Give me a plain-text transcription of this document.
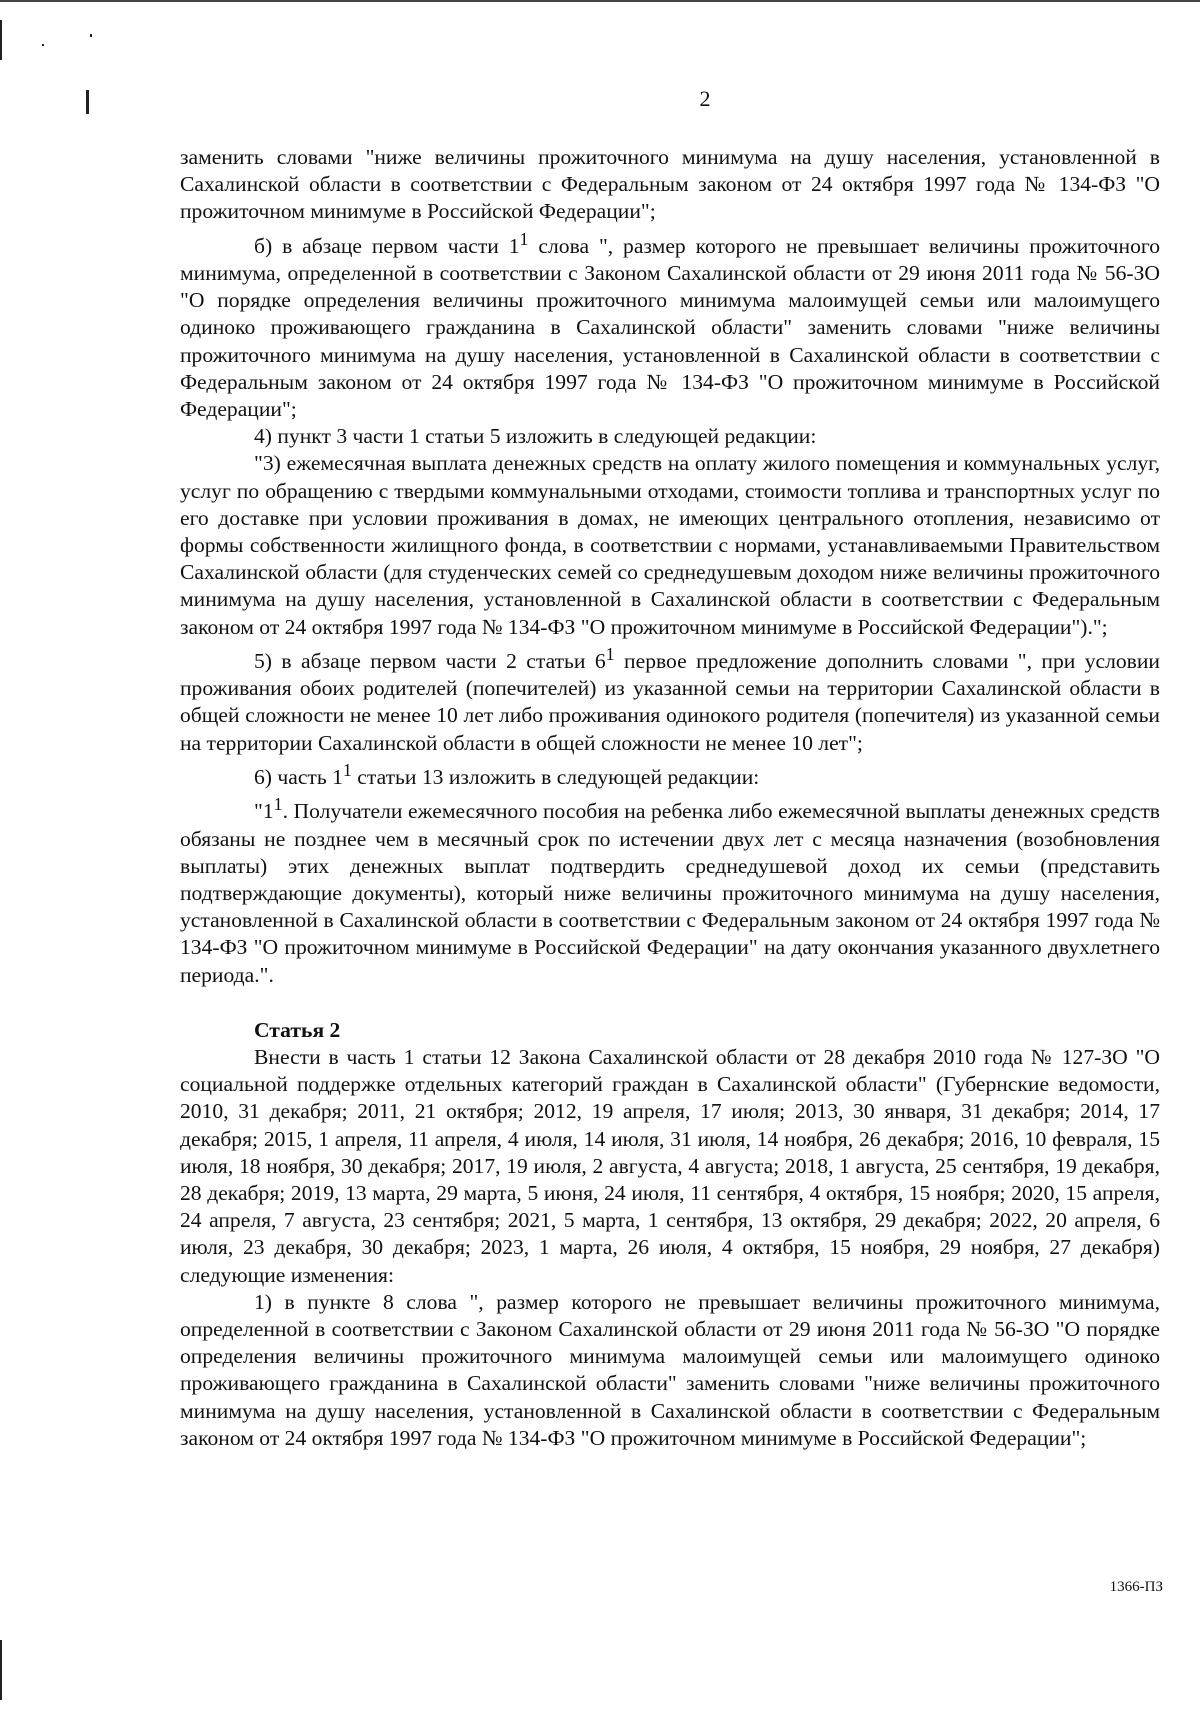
2

заменить словами "ниже величины прожиточного минимума на душу населения, установленной в Сахалинской области в соответствии с Федеральным законом от 24 октября 1997 года № 134-ФЗ "О прожиточном минимуме в Российской Федерации";

б) в абзаце первом части $1^1$ слова ", размер которого не превышает величины прожиточного минимума, определенной в соответствии с Законом Сахалинской области от 29 июня 2011 года № 56-ЗО "О порядке определения величины прожиточного минимума малоимущей семьи или малоимущего одиноко проживающего гражданина в Сахалинской области" заменить словами "ниже величины прожиточного минимума на душу населения, установленной в Сахалинской области в соответствии с Федеральным законом от 24 октября 1997 года № 134-ФЗ "О прожиточном минимуме в Российской Федерации";

4) пункт 3 части 1 статьи 5 изложить в следующей редакции:

"3) ежемесячная выплата денежных средств на оплату жилого помещения и коммунальных услуг, услуг по обращению с твердыми коммунальными отходами, стоимости топлива и транспортных услуг по его доставке при условии проживания в домах, не имеющих центрального отопления, независимо от формы собственности жилищного фонда, в соответствии с нормами, устанавливаемыми Правительством Сахалинской области (для студенческих семей со среднедушевым доходом ниже величины прожиточного минимума на душу населения, установленной в Сахалинской области в соответствии с Федеральным законом от 24 октября 1997 года № 134-ФЗ "О прожиточном минимуме в Российской Федерации").";

5) в абзаце первом части 2 статьи $6^1$ первое предложение дополнить словами ", при условии проживания обоих родителей (попечителей) из указанной семьи на территории Сахалинской области в общей сложности не менее 10 лет либо проживания одинокого родителя (попечителя) из указанной семьи на территории Сахалинской области в общей сложности не менее 10 лет";

6) часть $1^1$ статьи 13 изложить в следующей редакции:

"$1^1$. Получатели ежемесячного пособия на ребенка либо ежемесячной выплаты денежных средств обязаны не позднее чем в месячный срок по истечении двух лет с месяца назначения (возобновления выплаты) этих денежных выплат подтвердить среднедушевой доход их семьи (представить подтверждающие документы), который ниже величины прожиточного минимума на душу населения, установленной в Сахалинской области в соответствии с Федеральным законом от 24 октября 1997 года № 134-ФЗ "О прожиточном минимуме в Российской Федерации" на дату окончания указанного двухлетнего периода.".

Статья 2

Внести в часть 1 статьи 12 Закона Сахалинской области от 28 декабря 2010 года № 127-ЗО "О социальной поддержке отдельных категорий граждан в Сахалинской области" (Губернские ведомости, 2010, 31 декабря; 2011, 21 октября; 2012, 19 апреля, 17 июля; 2013, 30 января, 31 декабря; 2014, 17 декабря; 2015, 1 апреля, 11 апреля, 4 июля, 14 июля, 31 июля, 14 ноября, 26 декабря; 2016, 10 февраля, 15 июля, 18 ноября, 30 декабря; 2017, 19 июля, 2 августа, 4 августа; 2018, 1 августа, 25 сентября, 19 декабря, 28 декабря; 2019, 13 марта, 29 марта, 5 июня, 24 июля, 11 сентября, 4 октября, 15 ноября; 2020, 15 апреля, 24 апреля, 7 августа, 23 сентября; 2021, 5 марта, 1 сентября, 13 октября, 29 декабря; 2022, 20 апреля, 6 июля, 23 декабря, 30 декабря; 2023, 1 марта, 26 июля, 4 октября, 15 ноября, 29 ноября, 27 декабря) следующие изменения:

1) в пункте 8 слова ", размер которого не превышает величины прожиточного минимума, определенной в соответствии с Законом Сахалинской области от 29 июня 2011 года № 56-ЗО "О порядке определения величины прожиточного минимума малоимущей семьи или малоимущего одиноко проживающего гражданина в Сахалинской области" заменить словами "ниже величины прожиточного минимума на душу населения, установленной в Сахалинской области в соответствии с Федеральным законом от 24 октября 1997 года № 134-ФЗ "О прожиточном минимуме в Российской Федерации";

1366-ПЗ
